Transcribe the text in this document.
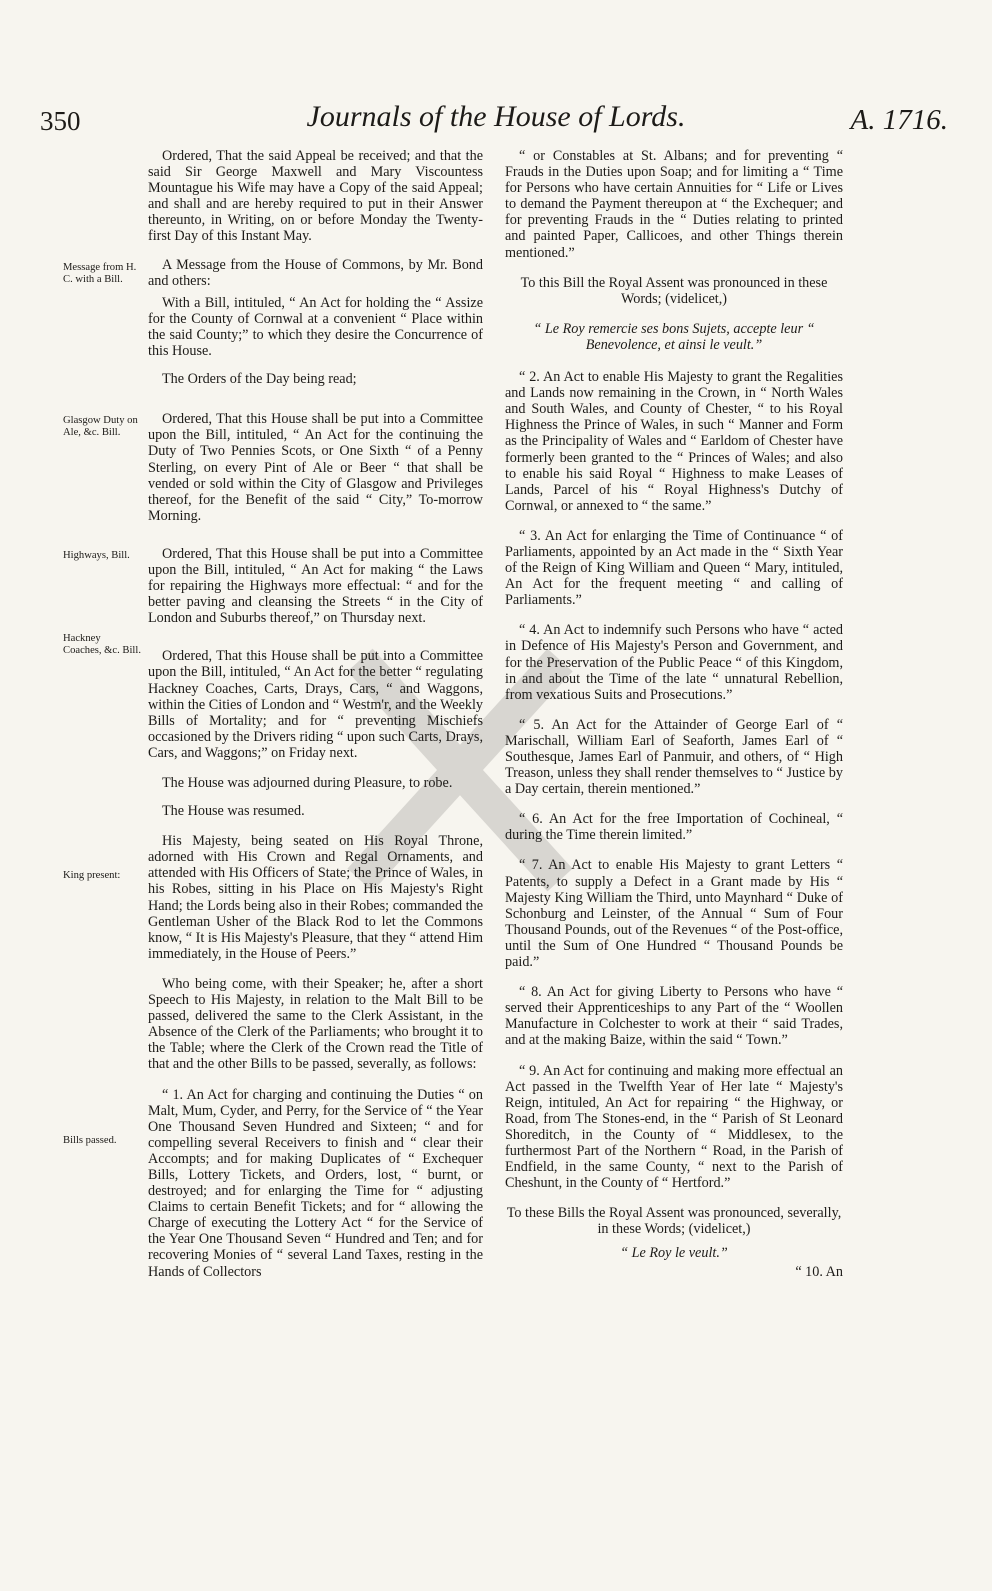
350	Journals of the House of Lords.	A. 1716.
Message from H. C. with a Bill.
Glasgow Duty on Ale, &c. Bill.
Highways, Bill.
Hackney Coaches, &c. Bill.
King present:
Bills passed.

Ordered, That the said Appeal be received; and that the said Sir George Maxwell and Mary Viscountess Mountague his Wife may have a Copy of the said Appeal; and shall and are hereby required to put in their Answer thereunto, in Writing, on or before Monday the Twenty-first Day of this Instant May.

A Message from the House of Commons, by Mr. Bond and others:

With a Bill, intituled, “ An Act for holding the “ Assize for the County of Cornwal at a convenient “ Place within the said County;” to which they desire the Concurrence of this House.

The Orders of the Day being read;

Ordered, That this House shall be put into a Committee upon the Bill, intituled, “ An Act for the continuing the Duty of Two Pennies Scots, or One Sixth “ of a Penny Sterling, on every Pint of Ale or Beer “ that shall be vended or sold within the City of Glasgow and Privileges thereof, for the Benefit of the said “ City,” To-morrow Morning.

Ordered, That this House shall be put into a Committee upon the Bill, intituled, “ An Act for making “ the Laws for repairing the Highways more effectual: “ and for the better paving and cleansing the Streets “ in the City of London and Suburbs thereof,” on Thursday next.

Ordered, That this House shall be put into a Committee upon the Bill, intituled, “ An Act for the better “ regulating Hackney Coaches, Carts, Drays, Cars, “ and Waggons, within the Cities of London and “ Westm'r, and the Weekly Bills of Mortality; and for “ preventing Mischiefs occasioned by the Drivers riding “ upon such Carts, Drays, Cars, and Waggons;” on Friday next.

The House was adjourned during Pleasure, to robe.

The House was resumed.

His Majesty, being seated on His Royal Throne, adorned with His Crown and Regal Ornaments, and attended with His Officers of State; the Prince of Wales, in his Robes, sitting in his Place on His Majesty's Right Hand; the Lords being also in their Robes; commanded the Gentleman Usher of the Black Rod to let the Commons know, “ It is His Majesty's Pleasure, that they “ attend Him immediately, in the House of Peers.”

Who being come, with their Speaker; he, after a short Speech to His Majesty, in relation to the Malt Bill to be passed, delivered the same to the Clerk Assistant, in the Absence of the Clerk of the Parliaments; who brought it to the Table; where the Clerk of the Crown read the Title of that and the other Bills to be passed, severally, as follows:

“ 1. An Act for charging and continuing the Duties “ on Malt, Mum, Cyder, and Perry, for the Service of “ the Year One Thousand Seven Hundred and Sixteen; “ and for compelling several Receivers to finish and “ clear their Accompts; and for making Duplicates of “ Exchequer Bills, Lottery Tickets, and Orders, lost, “ burnt, or destroyed; and for enlarging the Time for “ adjusting Claims to certain Benefit Tickets; and for “ allowing the Charge of executing the Lottery Act “ for the Service of the Year One Thousand Seven “ Hundred and Ten; and for recovering Monies of “ several Land Taxes, resting in the Hands of Collectors

“ or Constables at St. Albans; and for preventing “ Frauds in the Duties upon Soap; and for limiting a “ Time for Persons who have certain Annuities for “ Life or Lives to demand the Payment thereupon at “ the Exchequer; and for preventing Frauds in the “ Duties relating to printed and painted Paper, Callicoes, and other Things therein mentioned.”

To this Bill the Royal Assent was pronounced in these Words; (videlicet,)

“ Le Roy remercie ses bons Sujets, accepte leur “ Benevolence, et ainsi le veult.”

“ 2. An Act to enable His Majesty to grant the Regalities and Lands now remaining in the Crown, in “ North Wales and South Wales, and County of Chester, “ to his Royal Highness the Prince of Wales, in such “ Manner and Form as the Principality of Wales and “ Earldom of Chester have formerly been granted to the “ Princes of Wales; and also to enable his said Royal “ Highness to make Leases of Lands, Parcel of his “ Royal Highness's Dutchy of Cornwal, or annexed to “ the same.”

“ 3. An Act for enlarging the Time of Continuance “ of Parliaments, appointed by an Act made in the “ Sixth Year of the Reign of King William and Queen “ Mary, intituled, An Act for the frequent meeting “ and calling of Parliaments.”

“ 4. An Act to indemnify such Persons who have “ acted in Defence of His Majesty's Person and Government, and for the Preservation of the Public Peace “ of this Kingdom, in and about the Time of the late “ unnatural Rebellion, from vexatious Suits and Prosecutions.”

“ 5. An Act for the Attainder of George Earl of “ Marischall, William Earl of Seaforth, James Earl of “ Southesque, James Earl of Panmuir, and others, of “ High Treason, unless they shall render themselves to “ Justice by a Day certain, therein mentioned.”

“ 6. An Act for the free Importation of Cochineal, “ during the Time therein limited.”

“ 7. An Act to enable His Majesty to grant Letters “ Patents, to supply a Defect in a Grant made by His “ Majesty King William the Third, unto Maynhard “ Duke of Schonburg and Leinster, of the Annual “ Sum of Four Thousand Pounds, out of the Revenues “ of the Post-office, until the Sum of One Hundred “ Thousand Pounds be paid.”

“ 8. An Act for giving Liberty to Persons who have “ served their Apprenticeships to any Part of the “ Woollen Manufacture in Colchester to work at their “ said Trades, and at the making Baize, within the said “ Town.”

“ 9. An Act for continuing and making more effectual an Act passed in the Twelfth Year of Her late “ Majesty's Reign, intituled, An Act for repairing “ the Highway, or Road, from The Stones-end, in the “ Parish of St Leonard Shoreditch, in the County of “ Middlesex, to the furthermost Part of the Northern “ Road, in the Parish of Endfield, in the same County, “ next to the Parish of Cheshunt, in the County of “ Hertford.”

To these Bills the Royal Assent was pronounced, severally, in these Words; (videlicet,)

“ Le Roy le veult.”

“ 10. An
